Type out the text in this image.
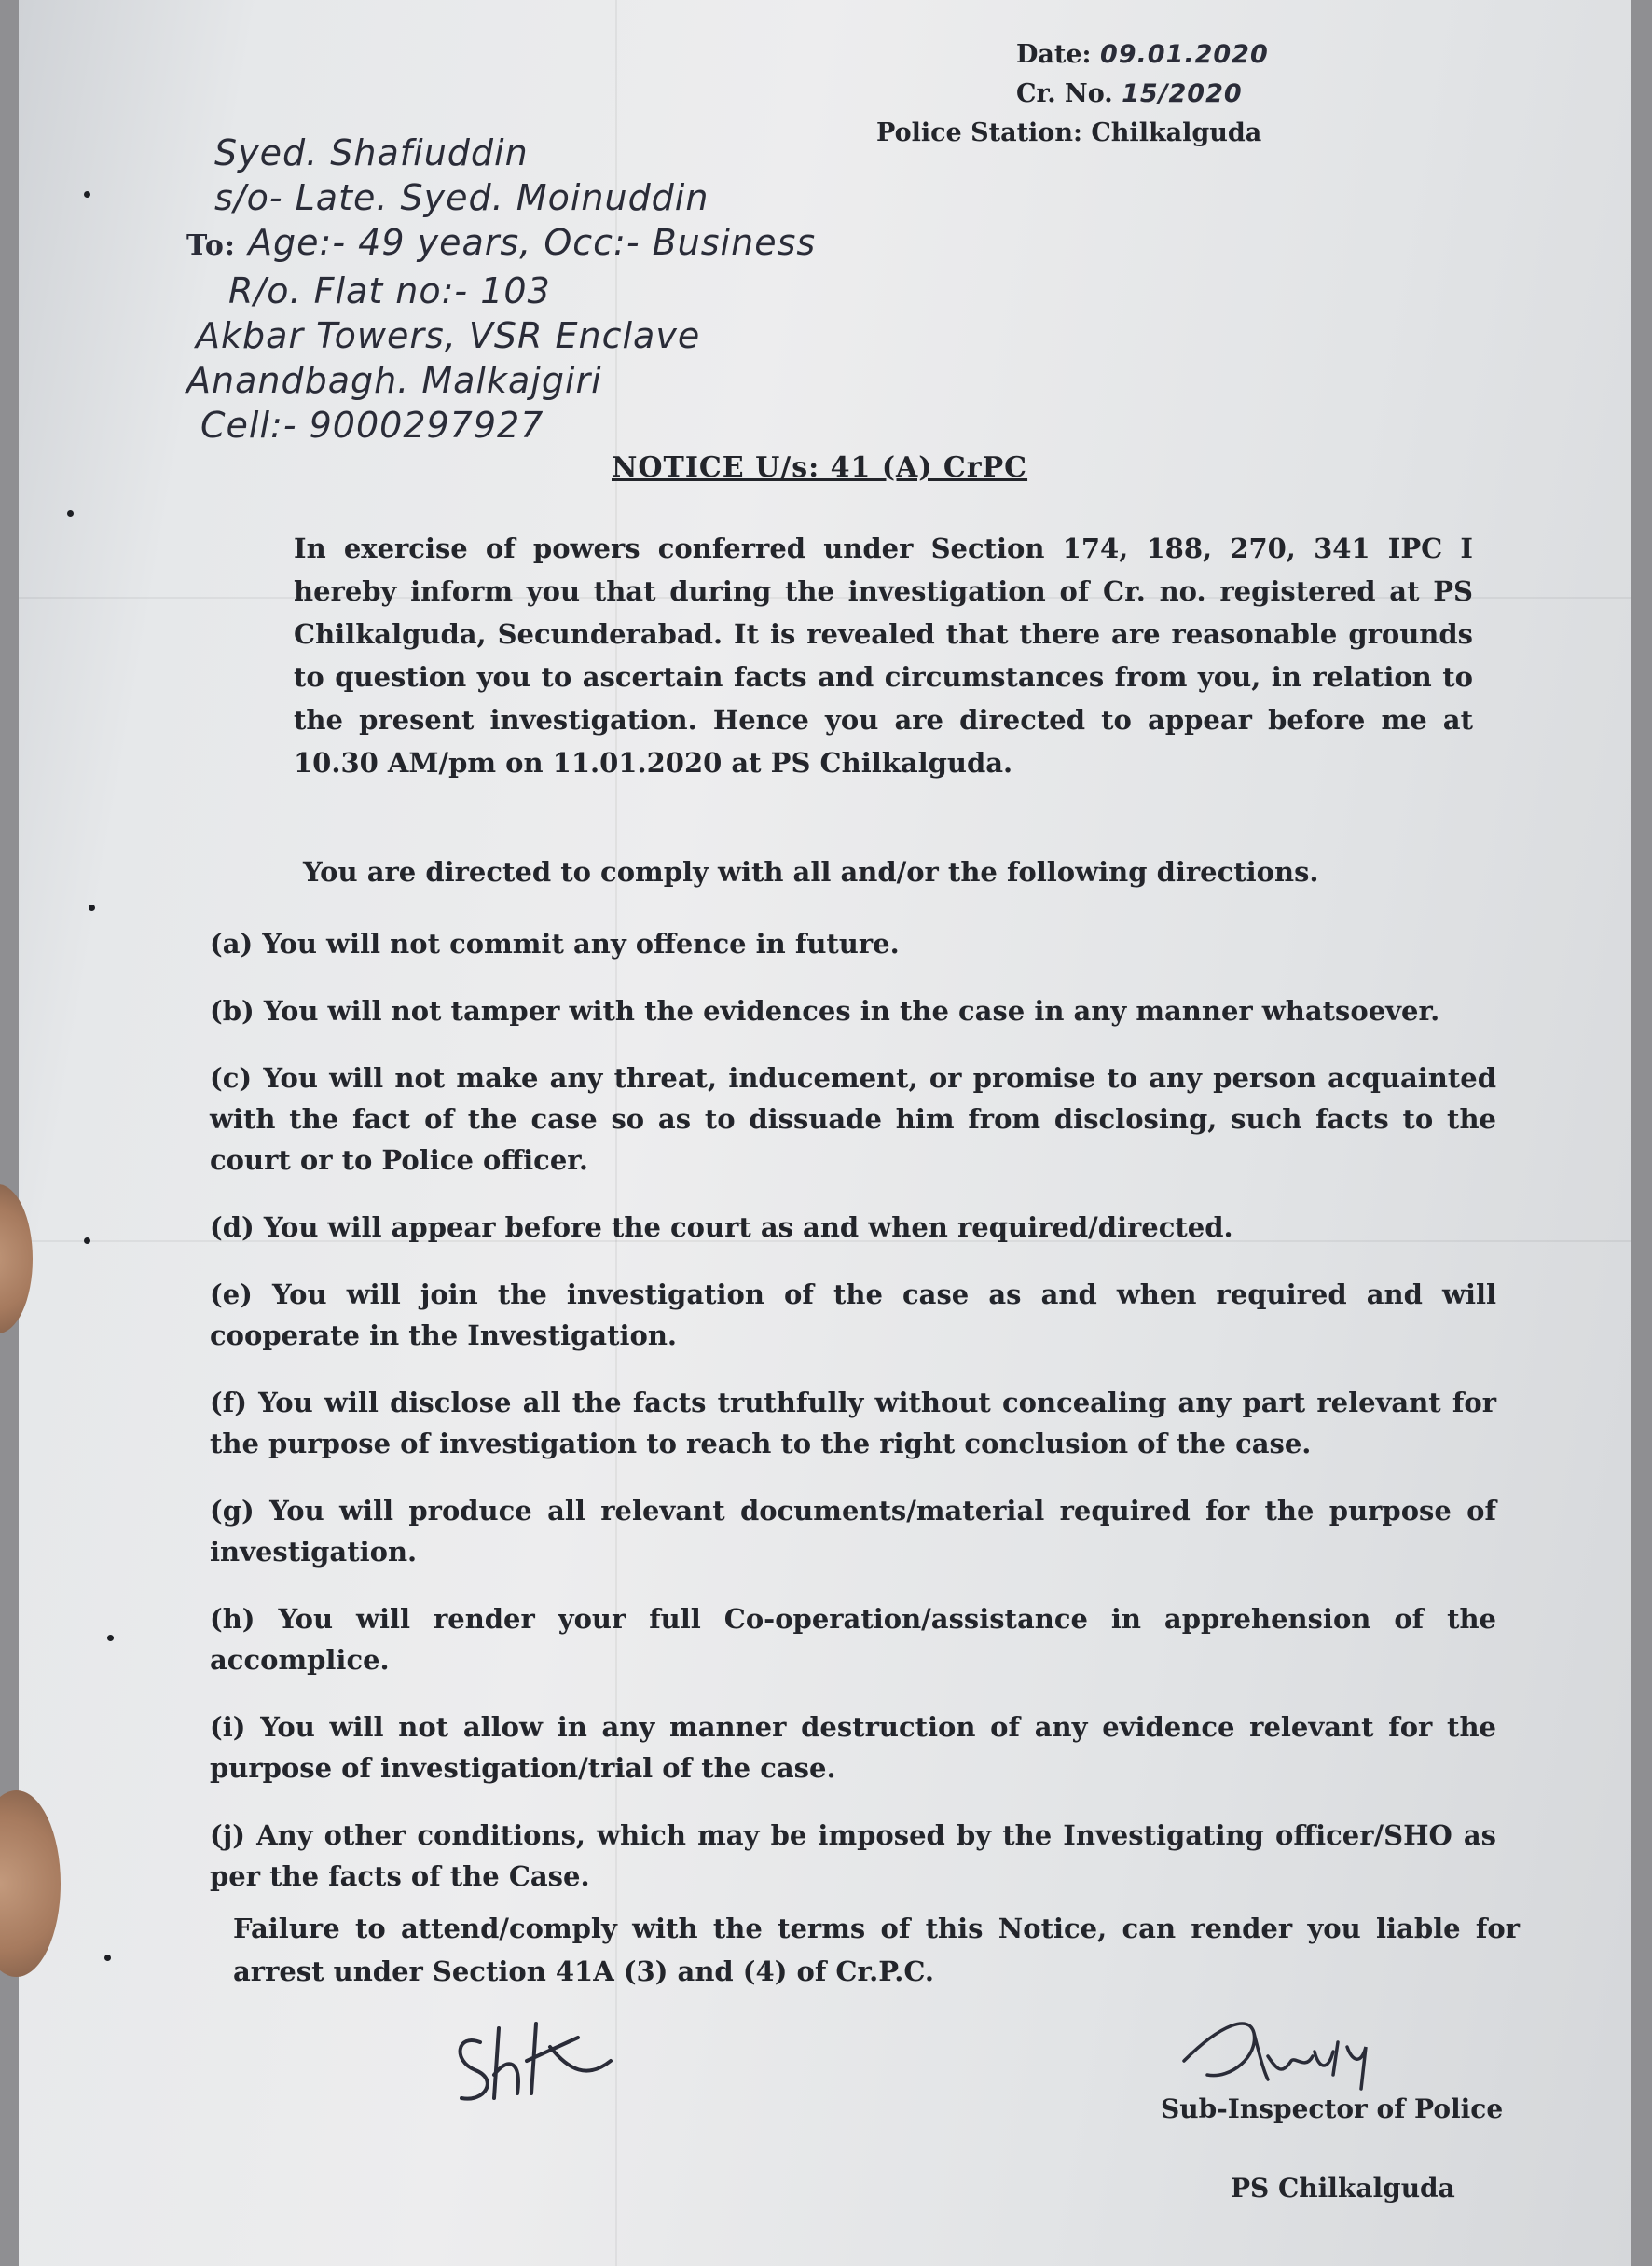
Date: 09.01.2020
Cr. No. 15/2020
Police Station: Chilkalguda
Syed. Shafiuddin
s/o- Late. Syed. Moinuddin
To: Age:- 49 years, Occ:- Business
R/o. Flat no:- 103
Akbar Towers, VSR Enclave
Anandbagh. Malkajgiri
Cell:- 9000297927
NOTICE U/s: 41 (A) CrPC

In exercise of powers conferred under Section 174, 188, 270, 341 IPC I hereby inform you that during the investigation of Cr. no. registered at PS Chilkalguda, Secunderabad. It is revealed that there are reasonable grounds to question you to ascertain facts and circumstances from you, in relation to the present investigation. Hence you are directed to appear before me at 10.30 AM/pm on 11.01.2020 at PS Chilkalguda.

You are directed to comply with all and/or the following directions.
(a) You will not commit any offence in future.
(b) You will not tamper with the evidences in the case in any manner whatsoever.
(c) You will not make any threat, inducement, or promise to any person acquainted with the fact of the case so as to dissuade him from disclosing, such facts to the court or to Police officer.
(d) You will appear before the court as and when required/directed.
(e) You will join the investigation of the case as and when required and will cooperate in the Investigation.
(f) You will disclose all the facts truthfully without concealing any part relevant for the purpose of investigation to reach to the right conclusion of the case.
(g) You will produce all relevant documents/material required for the purpose of investigation.
(h) You will render your full Co-operation/assistance in apprehension of the accomplice.
(i) You will not allow in any manner destruction of any evidence relevant for the purpose of investigation/trial of the case.
(j) Any other conditions, which may be imposed by the Investigating officer/SHO as per the facts of the Case.
Failure to attend/comply with the terms of this Notice, can render you liable for arrest under Section 41A (3) and (4) of Cr.P.C.
Sub-Inspector of Police
PS Chilkalguda
